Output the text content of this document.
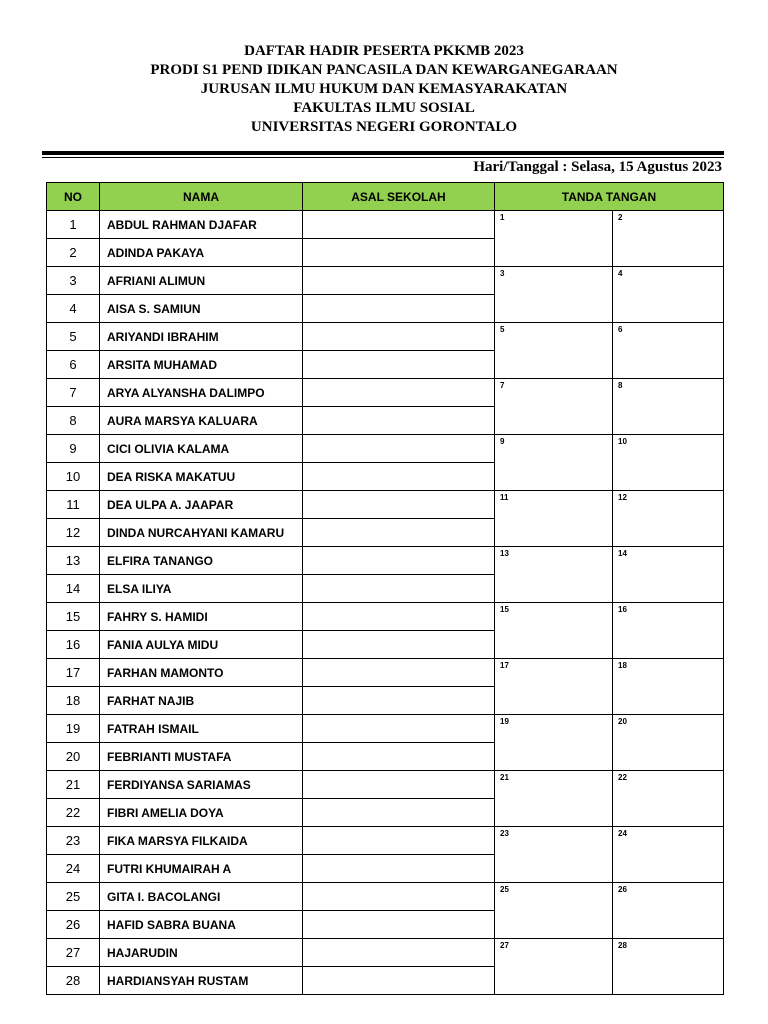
DAFTAR HADIR PESERTA PKKMB 2023
PRODI S1 PEND IDIKAN PANCASILA DAN KEWARGANEGARAAN
JURUSAN ILMU HUKUM DAN KEMASYARAKATAN
FAKULTAS ILMU SOSIAL
UNIVERSITAS NEGERI GORONTALO
Hari/Tanggal : Selasa, 15 Agustus 2023
NO	NAMA	ASAL SEKOLAH	TANDA TANGAN	
1	ABDUL RAHMAN DJAFAR		1	2

2	ADINDA PAKAYA			
3	AFRIANI ALIMUN		3	4

4	AISA S. SAMIUN			
5	ARIYANDI IBRAHIM		5	6

6	ARSITA MUHAMAD			
7	ARYA ALYANSHA DALIMPO		7	8

8	AURA MARSYA KALUARA			
9	CICI OLIVIA KALAMA		9	10

10	DEA RISKA MAKATUU			
11	DEA ULPA A. JAAPAR		11	12

12	DINDA NURCAHYANI KAMARU			
13	ELFIRA TANANGO		13	14

14	ELSA ILIYA			
15	FAHRY S. HAMIDI		15	16

16	FANIA AULYA MIDU			
17	FARHAN MAMONTO		17	18

18	FARHAT NAJIB			
19	FATRAH ISMAIL		19	20

20	FEBRIANTI MUSTAFA			
21	FERDIYANSA SARIAMAS		21	22

22	FIBRI AMELIA DOYA			
23	FIKA MARSYA FILKAIDA		23	24

24	FUTRI KHUMAIRAH A			
25	GITA I. BACOLANGI		25	26

26	HAFID SABRA BUANA			
27	HAJARUDIN		27	28

28	HARDIANSYAH RUSTAM			
